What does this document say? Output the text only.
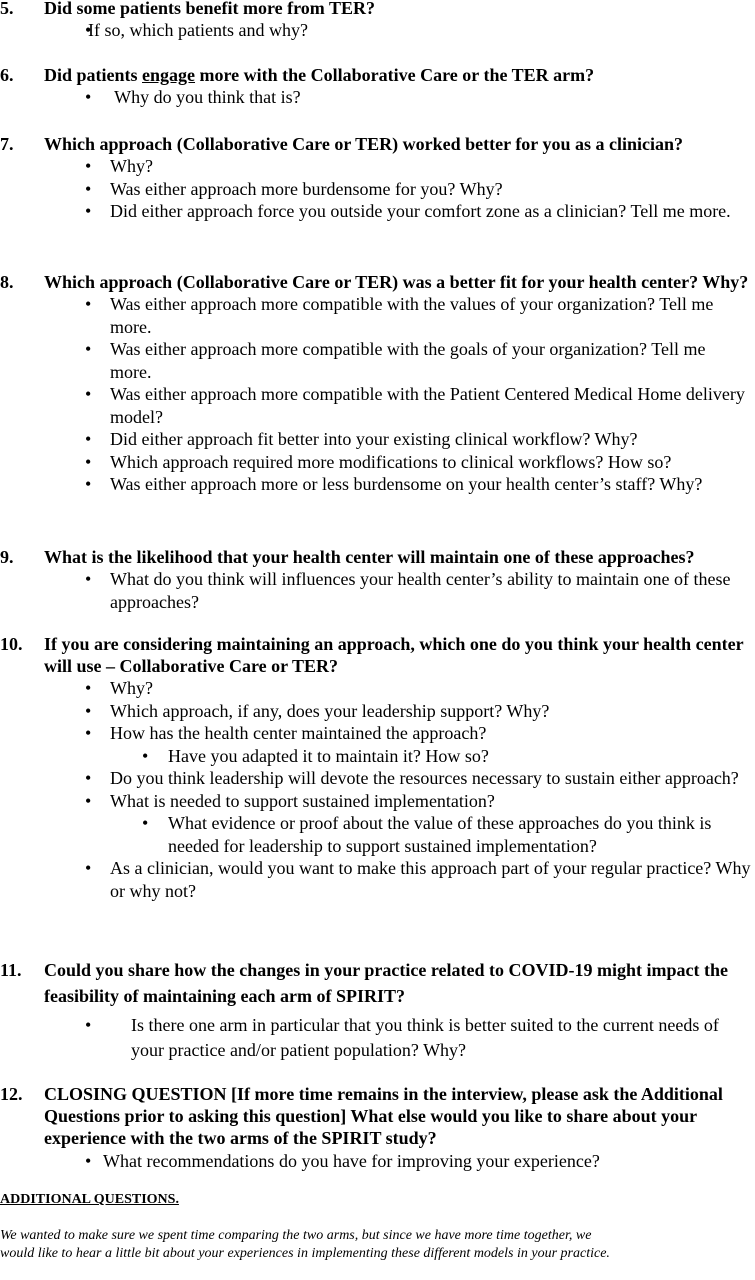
5.	Did some patients benefit more from TER?
• If so, which patients and why?
6.	Did patients engage more with the Collaborative Care or the TER arm?
•  Why do you think that is?
7.	Which approach (Collaborative Care or TER) worked better for you as a clinician?
• Why?
• Was either approach more burdensome for you? Why?
• Did either approach force you outside your comfort zone as a clinician? Tell me more.
8.	Which approach (Collaborative Care or TER) was a better fit for your health center? Why?
• Was either approach more compatible with the values of your organization? Tell me more.
• Was either approach more compatible with the goals of your organization? Tell me more.
• Was either approach more compatible with the Patient Centered Medical Home delivery model?
• Did either approach fit better into your existing clinical workflow? Why?
• Which approach required more modifications to clinical workflows? How so?
• Was either approach more or less burdensome on your health center’s staff? Why?
9.	What is the likelihood that your health center will maintain one of these approaches?
• What do you think will influences your health center’s ability to maintain one of these approaches?
10.	If you are considering maintaining an approach, which one do you think your health center will use – Collaborative Care or TER?
• Why?
• Which approach, if any, does your leadership support? Why?
• How has the health center maintained the approach?
• Have you adapted it to maintain it? How so?
• Do you think leadership will devote the resources necessary to sustain either approach?
• What is needed to support sustained implementation?
• What evidence or proof about the value of these approaches do you think is needed for leadership to support sustained implementation?
• As a clinician, would you want to make this approach part of your regular practice? Why or why not?
11.	Could you share how the changes in your practice related to COVID-19 might impact the feasibility of maintaining each arm of SPIRIT?
• Is there one arm in particular that you think is better suited to the current needs of your practice and/or patient population? Why?
12.	CLOSING QUESTION [If more time remains in the interview, please ask the Additional Questions prior to asking this question] What else would you like to share about your experience with the two arms of the SPIRIT study?
• What recommendations do you have for improving your experience?
ADDITIONAL QUESTIONS.
We wanted to make sure we spent time comparing the two arms, but since we have more time together, we would like to hear a little bit about your experiences in implementing these different models in your practice.
